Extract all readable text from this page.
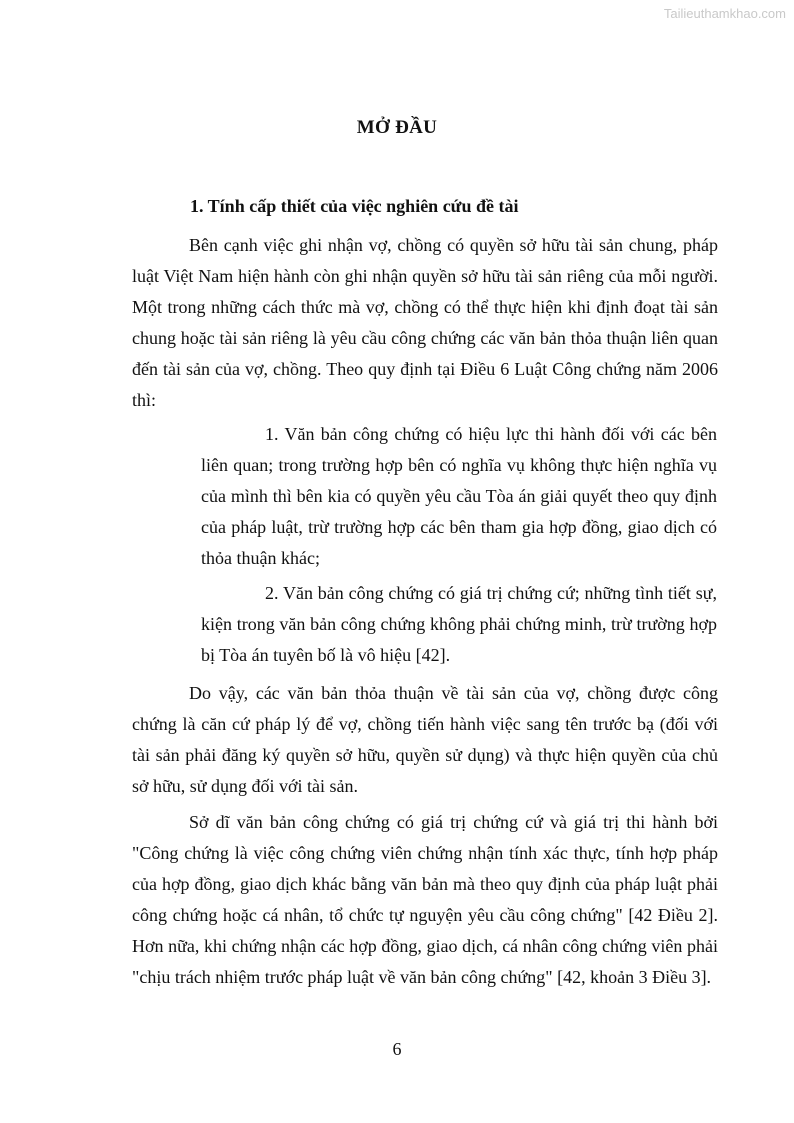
Tailieuthamkhao.com
MỞ ĐẦU
1. Tính cấp thiết của việc nghiên cứu đề tài

Bên cạnh việc ghi nhận vợ, chồng có quyền sở hữu tài sản chung, pháp luật Việt Nam hiện hành còn ghi nhận quyền sở hữu tài sản riêng của mỗi người. Một trong những cách thức mà vợ, chồng có thể thực hiện khi định đoạt tài sản chung hoặc tài sản riêng là yêu cầu công chứng các văn bản thỏa thuận liên quan đến tài sản của vợ, chồng. Theo quy định tại Điều 6 Luật Công chứng năm 2006 thì:

1. Văn bản công chứng có hiệu lực thi hành đối với các bên liên quan; trong trường hợp bên có nghĩa vụ không thực hiện nghĩa vụ của mình thì bên kia có quyền yêu cầu Tòa án giải quyết theo quy định của pháp luật, trừ trường hợp các bên tham gia hợp đồng, giao dịch có thỏa thuận khác;

2. Văn bản công chứng có giá trị chứng cứ; những tình tiết sự, kiện trong văn bản công chứng không phải chứng minh, trừ trường hợp bị Tòa án tuyên bố là vô hiệu [42].

Do vậy, các văn bản thỏa thuận về tài sản của vợ, chồng được công chứng là căn cứ pháp lý để vợ, chồng tiến hành việc sang tên trước bạ (đối với tài sản phải đăng ký quyền sở hữu, quyền sử dụng) và thực hiện quyền của chủ sở hữu, sử dụng đối với tài sản.

Sở dĩ văn bản công chứng có giá trị chứng cứ và giá trị thi hành bởi "Công chứng là việc công chứng viên chứng nhận tính xác thực, tính hợp pháp của hợp đồng, giao dịch khác bằng văn bản mà theo quy định của pháp luật phải công chứng hoặc cá nhân, tổ chức tự nguyện yêu cầu công chứng" [42 Điều 2]. Hơn nữa, khi chứng nhận các hợp đồng, giao dịch, cá nhân công chứng viên phải "chịu trách nhiệm trước pháp luật về văn bản công chứng" [42, khoản 3 Điều 3].

6
